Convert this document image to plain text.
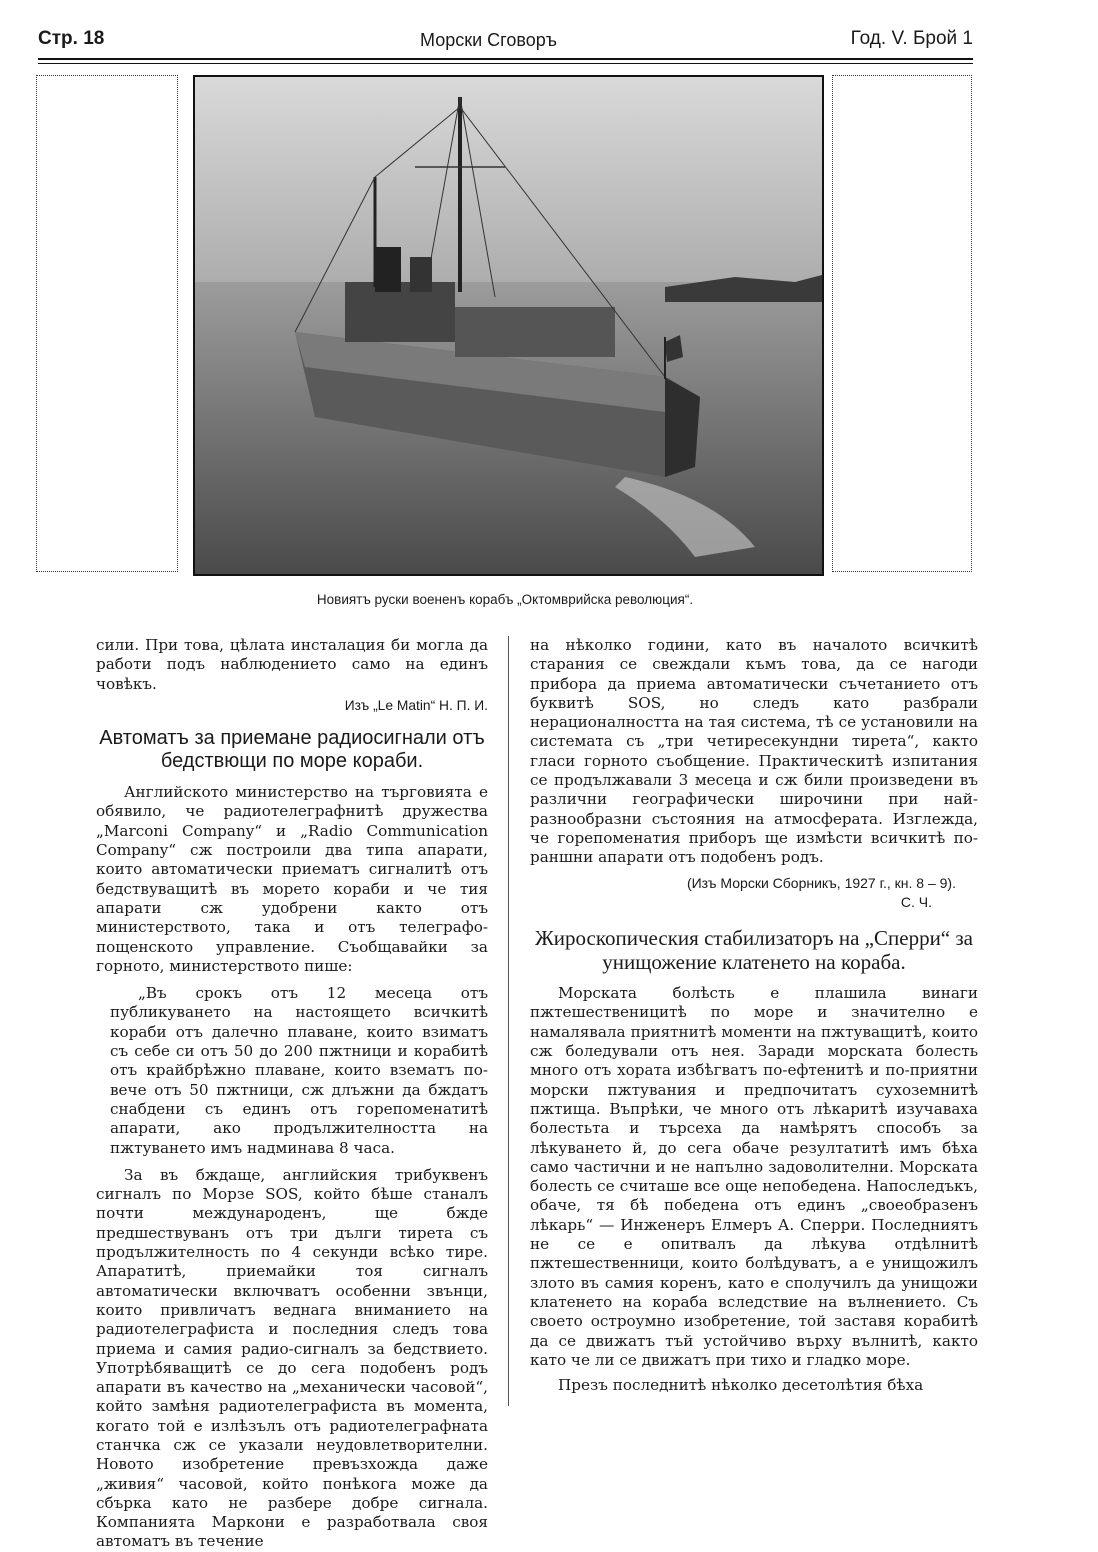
Стр. 18	Морски Сговоръ	Год. V. Брой 1
Новиятъ руски воененъ корабъ „Октомврийска революция“.

сили. При това, цѣлата инсталация би могла да работи подъ наблюдението само на единъ човѣкъ.

Изъ „Le Matin“ Н. П. И.

Автоматъ за приемане радиосигнали отъ бедствющи по море кораби.

Английското министерство на търговията е обявило, че радиотелеграфнитѣ дружества „Marconi Company“ и „Radio Communication Company“ сж построили два типа апарати, които автоматически приематъ сигналитѣ отъ бедствуващитѣ въ морето кораби и че тия апарати сж удобрени както отъ министерството, така и отъ телеграфо-пощенското управление. Съобщавайки за горното, министерството пише:

„Въ срокъ отъ 12 месеца отъ публикуването на настоящето всичкитѣ кораби отъ далечно плаване, които взиматъ съ себе си отъ 50 до 200 пжтници и корабитѣ отъ крайбрѣжно плаване, които взематъ по-вече отъ 50 пжтници, сж длъжни да бждатъ снабдени съ единъ отъ горепоменатитѣ апарати, ако продължителността на пжтуването имъ надминава 8 часа.

За въ бждаще, английския трибуквенъ сигналъ по Морзе SOS, който бѣше станалъ почти международенъ, ще бжде предшествуванъ отъ три дълги тирета съ продължителность по 4 секунди всѣко тире. Апаратитѣ, приемайки тоя сигналъ автоматически включватъ особенни звънци, които привличатъ веднага вниманието на радиотелеграфиста и последния следъ това приема и самия радио-сигналъ за бедствието. Употрѣбяващитѣ се до сега подобенъ родъ апарати въ качество на „механически часовой“, който замѣня радиотелеграфиста въ момента, когато той е излѣзълъ отъ радиотелеграфната станчка сж се указали неудовлетворителни. Новото изобретение превъзхожда даже „живия“ часовой, който понѣкога може да сбърка като не разбере добре сигнала. Компанията Маркони е разработвала своя автоматъ въ течение

на нѣколко години, като въ началото всичкитѣ старания се свеждали къмъ това, да се нагоди прибора да приема автоматически съчетанието отъ буквитѣ SOS, но следъ като разбрали нерационалността на тая система, тѣ се установили на системата съ „три четиресекундни тирета“, както гласи горното съобщение. Практическитѣ изпитания се продължавали 3 месеца и сж били произведени въ различни географически широчини при най-разнообразни състояния на атмосферата. Изглежда, че горепоменатия приборъ ще измѣсти всичкитѣ по-раншни апарати отъ подобенъ родъ.

(Изъ Морски Сборникъ, 1927 г., кн. 8 – 9).

С. Ч.

Жироскопическия стабилизаторъ на „Сперри“ за унищожение клатенето на кораба.

Морската болѣсть е плашила винаги пжтешественицитѣ по море и значително е намалявала приятнитѣ моменти на пжтуващитѣ, които сж боледували отъ нея. Заради морската болесть много отъ хората избѣгватъ по-ефтенитѣ и по-приятни морски пжтувания и предпочитатъ сухоземнитѣ пжтища. Въпрѣки, че много отъ лѣкаритѣ изучаваха болестьта и търсеха да намѣрятъ способъ за лѣкуването й, до сега обаче резултатитѣ имъ бѣха само частични и не напълно задоволителни. Морската болесть се считаше все още непобедена. Напоследъкъ, обаче, тя бѣ победена отъ единъ „своеобразенъ лѣкарь“ — Инженеръ Елмеръ А. Сперри. Последниятъ не се е опитвалъ да лѣкува отдѣлнитѣ пжтешественници, които болѣдуватъ, а е унищожилъ злото въ самия коренъ, като е сполучилъ да унищожи клатенето на кораба вследствие на вълнението. Съ своето остроумно изобретение, той заставя корабитѣ да се движатъ тъй устойчиво върху вълнитѣ, както като че ли се движатъ при тихо и гладко море.

Презъ последнитѣ нѣколко десетолѣтия бѣха
